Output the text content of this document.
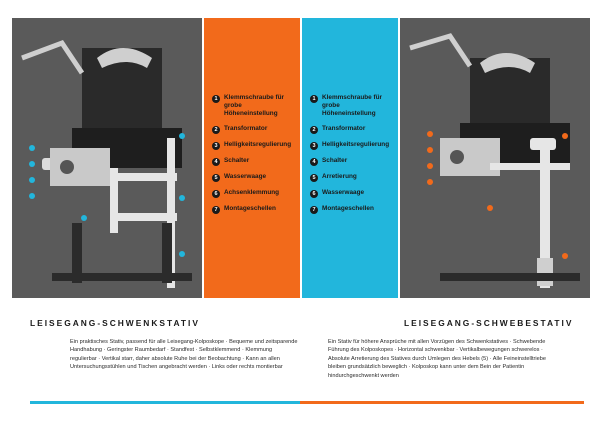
1	Klemmschraube für grobe Höheneinstellung
2	Transformator
3	Helligkeitsregulierung
4	Schalter
5	Wasserwaage
6	Achsenklemmung
7	Montageschellen
1	Klemmschraube für grobe Höheneinstellung
2	Transformator
3	Helligkeitsregulierung
4	Schalter
5	Arretierung
6	Wasserwaage
7	Montageschellen
LEISEGANG-SCHWENKSTATIV	LEISEGANG-SCHWEBESTATIV
Ein praktisches Stativ, passend für alle Leisegang-Kolposkope · Bequeme und zeitsparende Handhabung · Geringster Raumbedarf · Standfest · Selbstklemmend · Klemmung regulierbar · Vertikal starr, daher absolute Ruhe bei der Beobachtung · Kann an allen Untersuchungsstühlen und Tischen angebracht werden · Links oder rechts montierbar
Ein Stativ für höhere Ansprüche mit allen Vorzügen des Schwenkstatives · Schwebende Führung des Kolposkopes · Horizontal schwenkbar · Vertikalbewegungen schwerelos · Absolute Arretierung des Statives durch Umlegen des Hebels (5) · Alle Feineinstelltriebe bleiben grundsätzlich beweglich · Kolposkop kann unter dem Bein der Patientin hindurchgeschwenkt werden
